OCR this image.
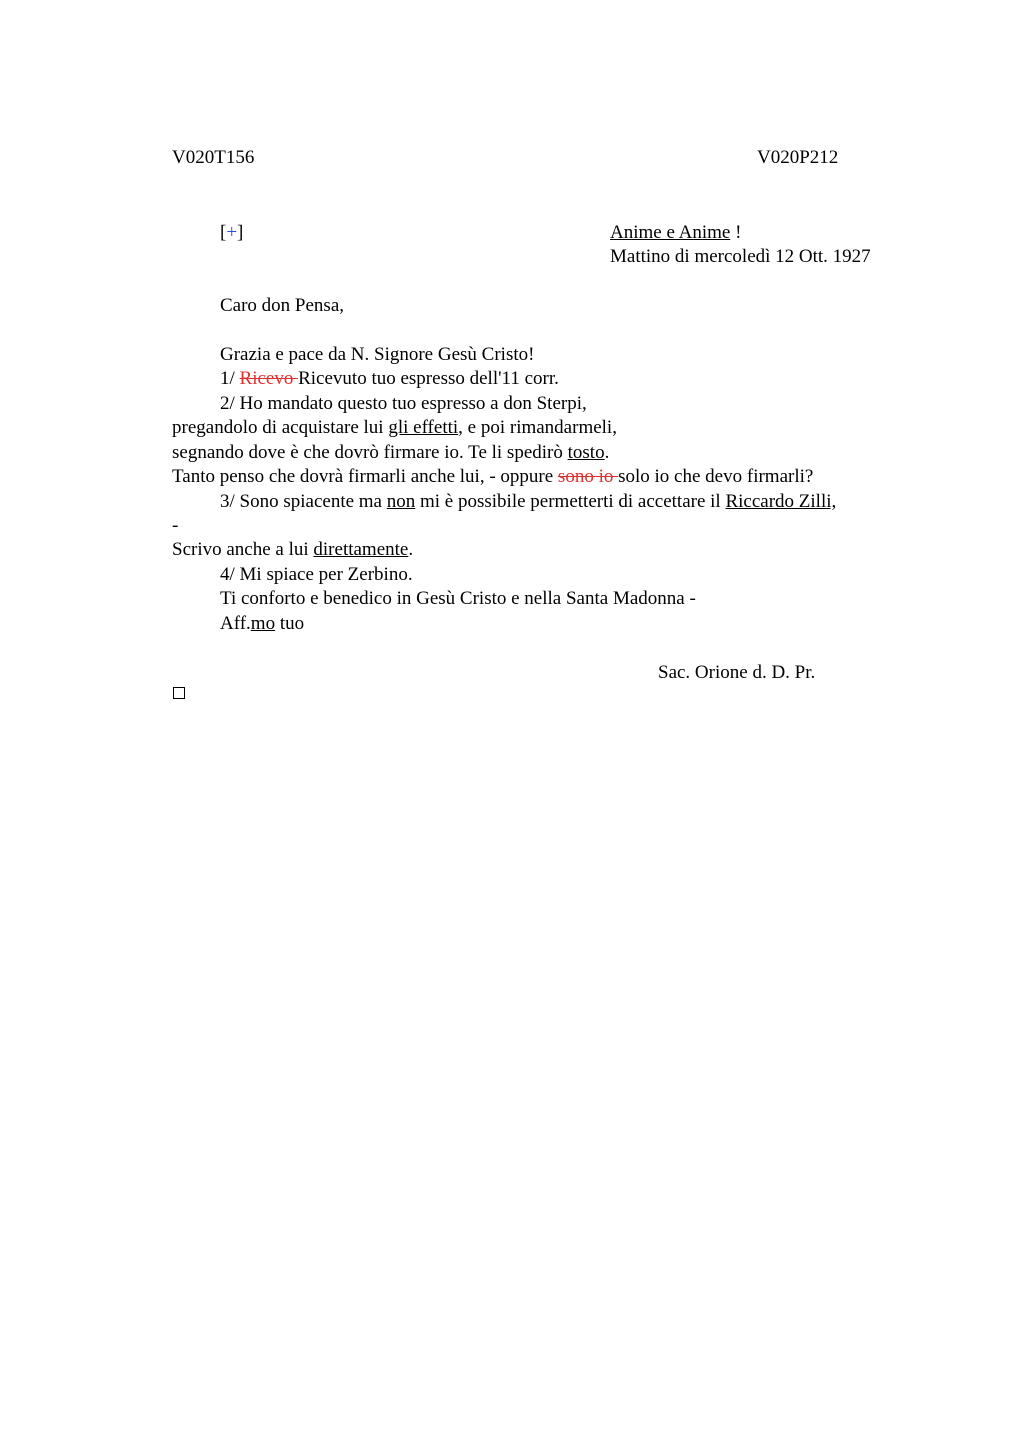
V020T156	V020P212
[+]	Anime e Anime !
Mattino di mercoledì 12 Ott. 1927
Caro don Pensa,
Grazia e pace da N. Signore Gesù Cristo!
1/ Ricevo Ricevuto tuo espresso dell'11 corr.
2/ Ho mandato questo tuo espresso a don Sterpi,
pregandolo di acquistare lui gli effetti, e poi rimandarmeli,
segnando dove è che dovrò firmare io. Te li spedirò tosto.
Tanto penso che dovrà firmarli anche lui, - oppure sono io solo io che devo firmarli?
3/ Sono spiacente ma non mi è possibile permetterti di accettare il Riccardo Zilli,
-
Scrivo anche a lui direttamente.
4/ Mi spiace per Zerbino.
Ti conforto e benedico in Gesù Cristo e nella Santa Madonna -
Aff.mo tuo
Sac. Orione d. D. Pr.
